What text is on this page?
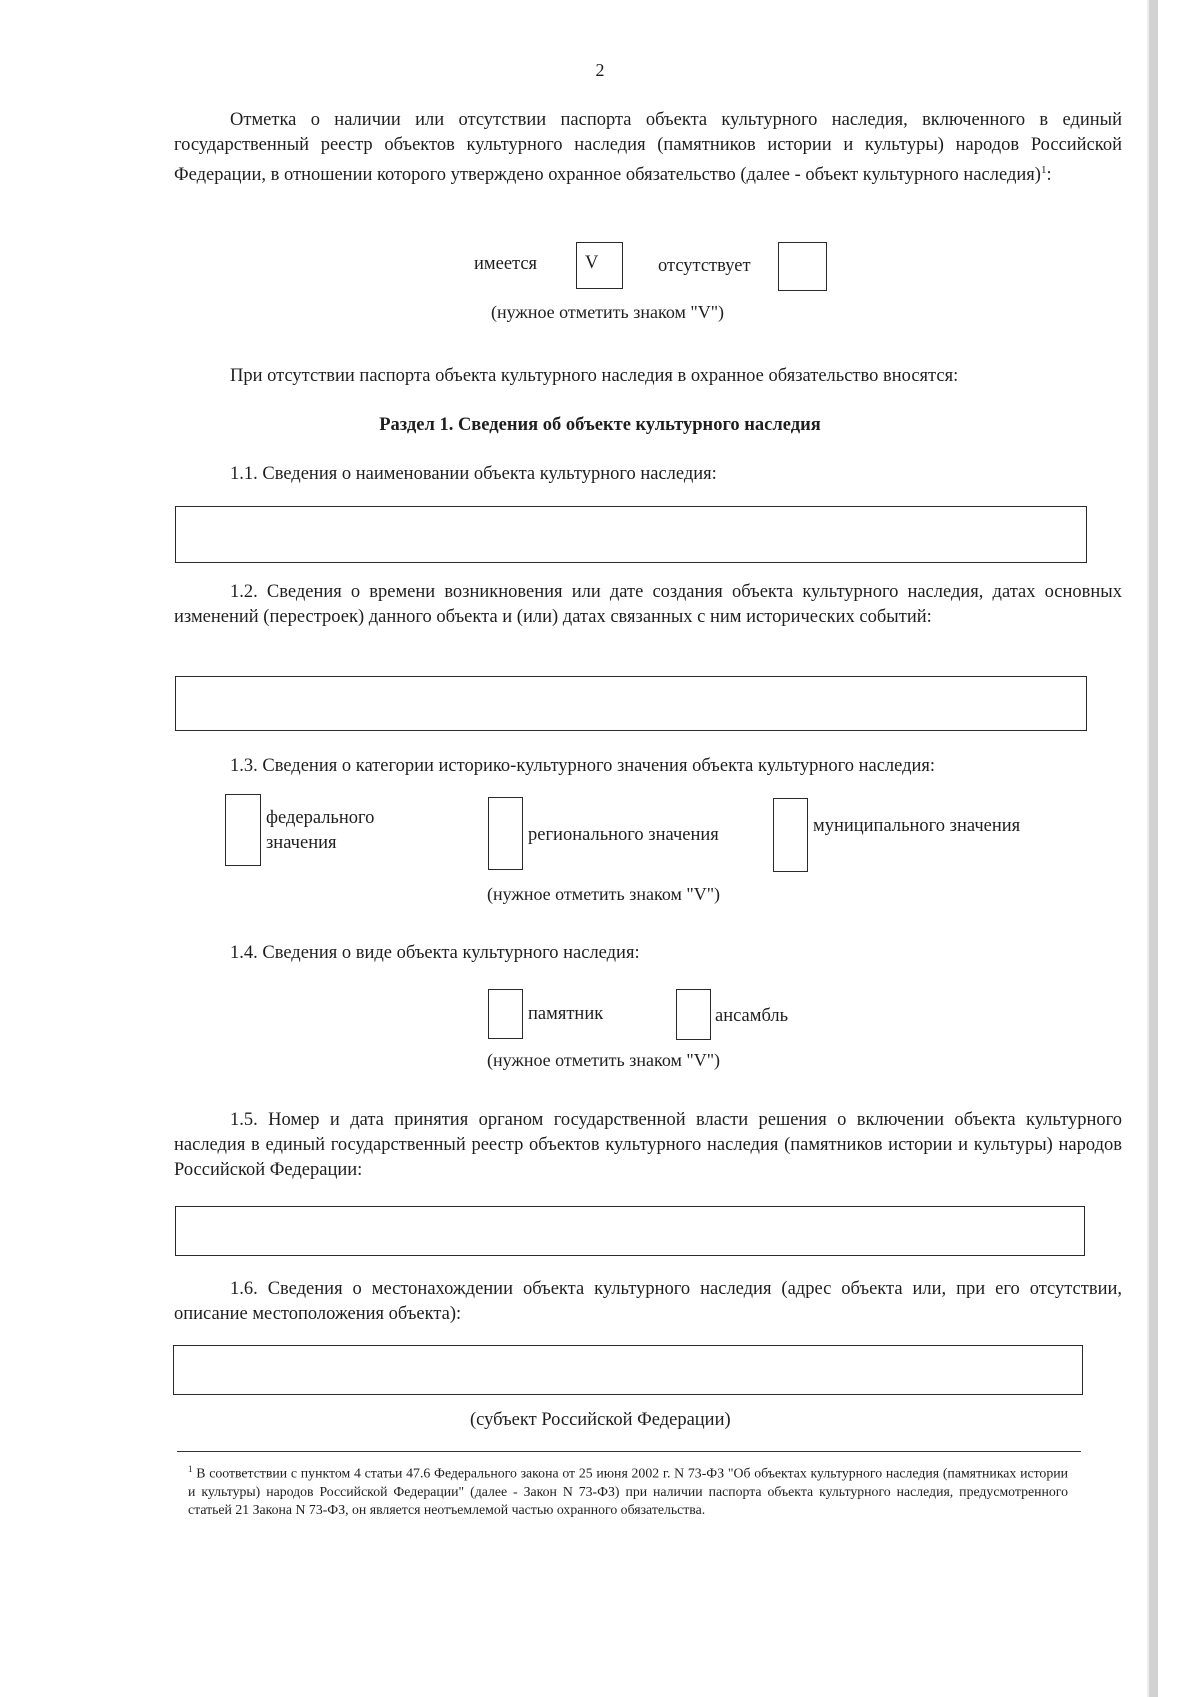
2
Отметка о наличии или отсутствии паспорта объекта культурного наследия, включенного в единый государственный реестр объектов культурного наследия (памятников истории и культуры) народов Российской Федерации, в отношении которого утверждено охранное обязательство (далее - объект культурного наследия)$^1$:
имеется	V	отсутствует
(нужное отметить знаком "V")
При отсутствии паспорта объекта культурного наследия в охранное обязательство вносятся:
Раздел 1. Сведения об объекте культурного наследия
1.1. Сведения о наименовании объекта культурного наследия:
1.2. Сведения о времени возникновения или дате создания объекта культурного наследия, датах основных изменений (перестроек) данного объекта и (или) датах связанных с ним исторических событий:
1.3. Сведения о категории историко-культурного значения объекта культурного наследия:
федерального
значения	регионального значения	муниципального значения
(нужное отметить знаком "V")
1.4. Сведения о виде объекта культурного наследия:
памятник	ансамбль
(нужное отметить знаком "V")
1.5. Номер и дата принятия органом государственной власти решения о включении объекта культурного наследия в единый государственный реестр объектов культурного наследия (памятников истории и культуры) народов Российской Федерации:
1.6. Сведения о местонахождении объекта культурного наследия (адрес объекта или, при его отсутствии, описание местоположения объекта):
(субъект Российской Федерации)
$^1$ В соответствии с пунктом 4 статьи 47.6 Федерального закона от 25 июня 2002 г. N 73-ФЗ "Об объектах культурного наследия (памятниках истории и культуры) народов Российской Федерации" (далее - Закон N 73-ФЗ) при наличии паспорта объекта культурного наследия, предусмотренного статьей 21 Закона N 73-ФЗ, он является неотъемлемой частью охранного обязательства.
